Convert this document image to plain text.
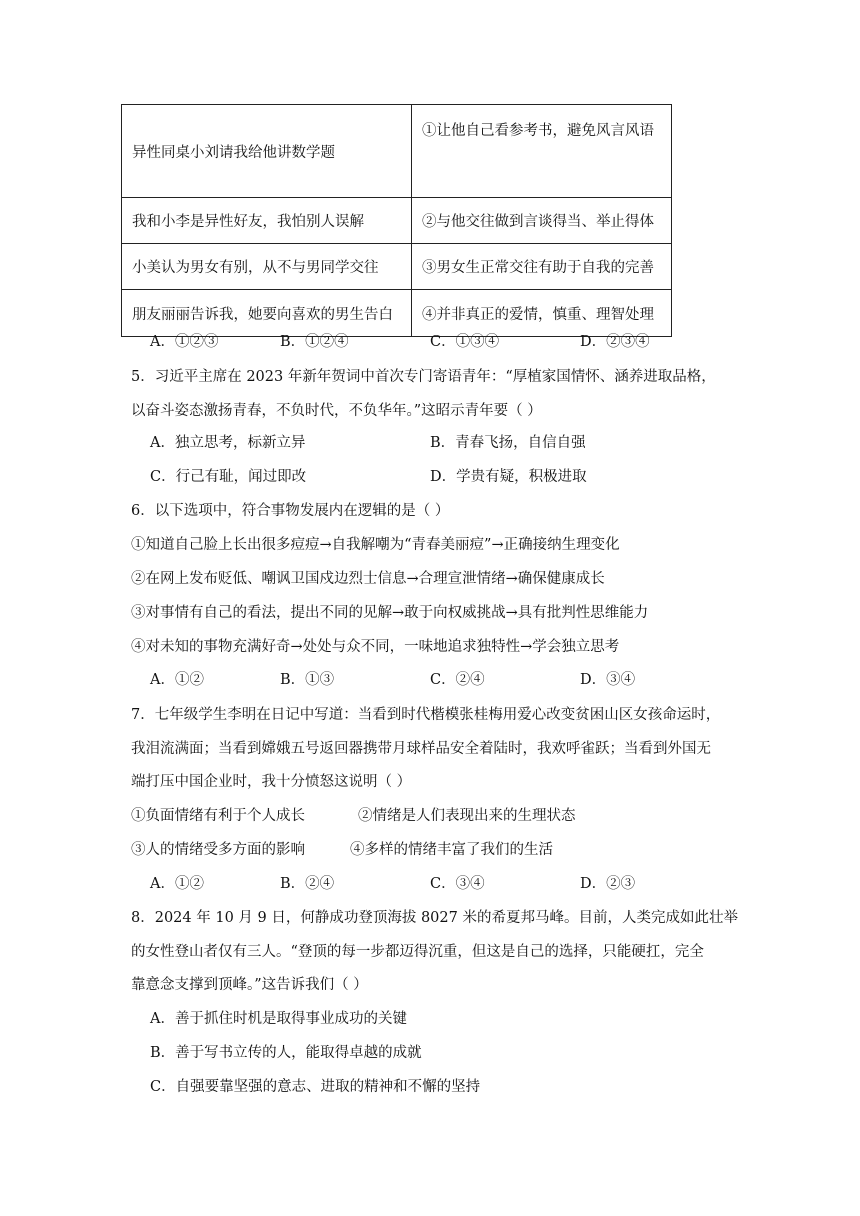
异性同桌小刘请我给他讲数学题	①让他自己看参考书，避免风言风语
我和小李是异性好友，我怕别人误解	②与他交往做到言谈得当、举止得体
小美认为男女有别，从不与男同学交往	③男女生正常交往有助于自我的完善
朋友丽丽告诉我，她要向喜欢的男生告白	④并非真正的爱情，慎重、理智处理
A．①②③	B．①②④	C．①③④	D．②③④
5．习近平主席在 2023 年新年贺词中首次专门寄语青年：“厚植家国情怀、涵养进取品格，
以奋斗姿态激扬青春，不负时代，不负华年。”这昭示青年要（ ）
A．独立思考，标新立异	B．青春飞扬，自信自强
C．行己有耻，闻过即改	D．学贵有疑，积极进取
6．以下选项中，符合事物发展内在逻辑的是（ ）
①知道自己脸上长出很多痘痘→自我解嘲为“青春美丽痘”→正确接纳生理变化
②在网上发布贬低、嘲讽卫国戍边烈士信息→合理宣泄情绪→确保健康成长
③对事情有自己的看法，提出不同的见解→敢于向权威挑战→具有批判性思维能力
④对未知的事物充满好奇→处处与众不同，一味地追求独特性→学会独立思考
A．①②	B．①③	C．②④	D．③④
7．七年级学生李明在日记中写道：当看到时代楷模张桂梅用爱心改变贫困山区女孩命运时，
我泪流满面；当看到嫦娥五号返回器携带月球样品安全着陆时，我欢呼雀跃；当看到外国无
端打压中国企业时，我十分愤怒这说明（ ）
①负面情绪有利于个人成长	②情绪是人们表现出来的生理状态
③人的情绪受多方面的影响	④多样的情绪丰富了我们的生活
A．①②	B．②④	C．③④	D．②③
8．2024 年 10 月 9 日，何静成功登顶海拔 8027 米的希夏邦马峰。目前，人类完成如此壮举
的女性登山者仅有三人。“登顶的每一步都迈得沉重，但这是自己的选择，只能硬扛，完全
靠意念支撑到顶峰。”这告诉我们（ ）
A．善于抓住时机是取得事业成功的关键
B．善于写书立传的人，能取得卓越的成就
C．自强要靠坚强的意志、进取的精神和不懈的坚持
